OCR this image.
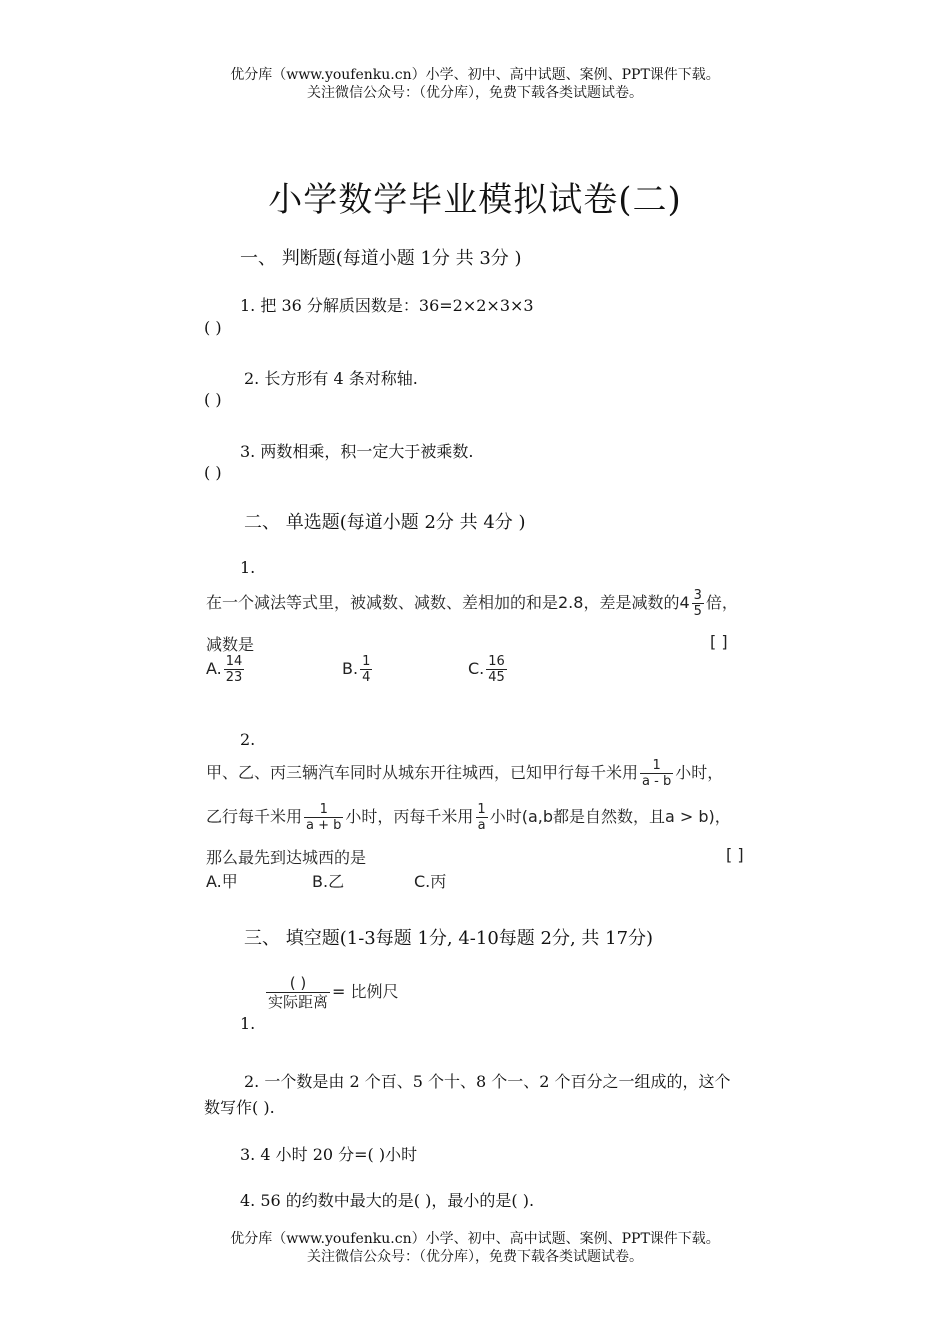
优分库（www.youfenku.cn）小学、初中、高中试题、案例、PPT课件下载。
关注微信公众号：（优分库），免费下载各类试题试卷。
小学数学毕业模拟试卷(二)
一、 判断题(每道小题 1分 共 3分 )
1. 把 36 分解质因数是：36=2×2×3×3
( )
2. 长方形有 4 条对称轴.
( )
3. 两数相乘，积一定大于被乘数.
( )
二、 单选题(每道小题 2分 共 4分 )
1.
在一个减法等式里，被减数、减数、差相加的和是2.8，差是减数的$4 \frac{3}{5}$ 倍，
减数是	[ ]
A. $\frac{14}{23}$	B. $\frac{1}{4}$	C. $\frac{16}{45}$
2.
甲、乙、丙三辆汽车同时从城东开往城西，已知甲行每千米用 $\frac{1}{a - b}$ 小时，
乙行每千米用 $\frac{1}{a + b}$ 小时，丙每千米用 $\frac{1}{a}$ 小时(a,b都是自然数，且a > b)，
那么最先到达城西的是	[ ]
A.甲	B.乙	C.丙
三、 填空题(1-3每题 1分, 4-10每题 2分, 共 17分)
$\frac{( )}{\text{实际距离}}$ = 比例尺
1.
2. 一个数是由 2 个百、5 个十、8 个一、2 个百分之一组成的，这个
数写作( ).
3. 4 小时 20 分=( )小时
4. 56 的约数中最大的是( )，最小的是( ).
优分库（www.youfenku.cn）小学、初中、高中试题、案例、PPT课件下载。
关注微信公众号：（优分库），免费下载各类试题试卷。
